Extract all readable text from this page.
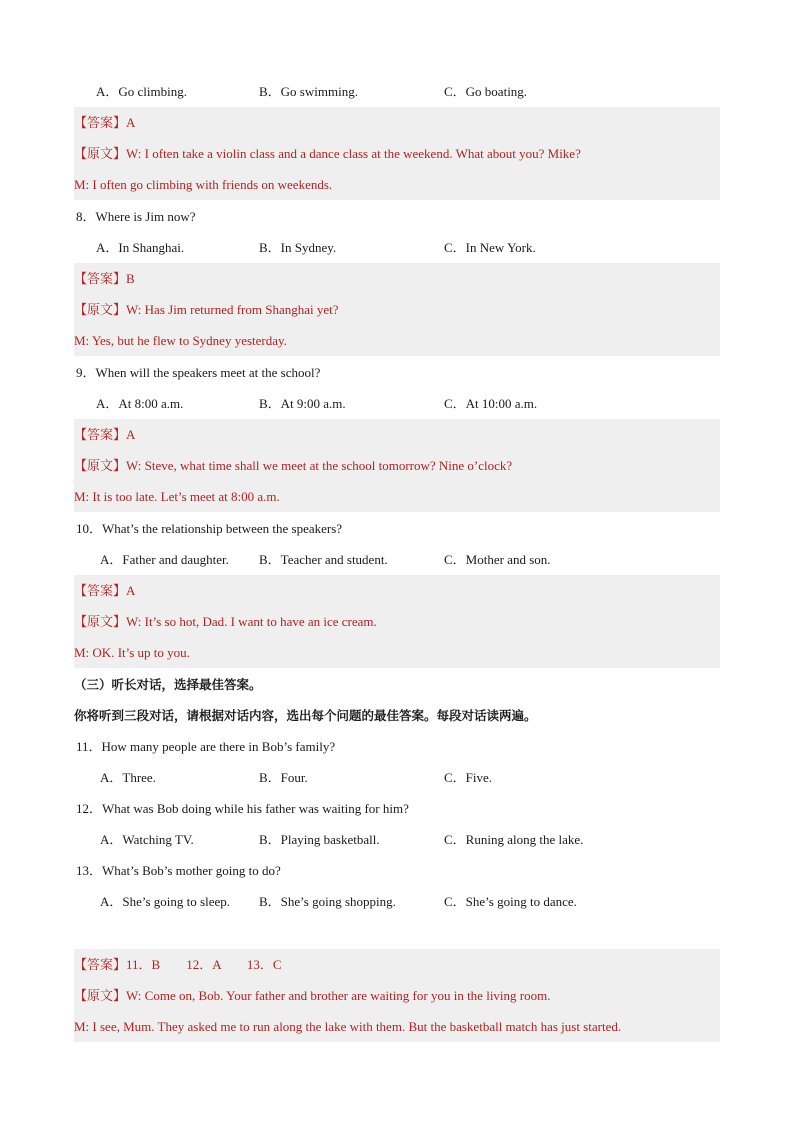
A．Go climbing.	B．Go swimming.	C．Go boating.
【答案】A
【原文】W: I often take a violin class and a dance class at the weekend. What about you? Mike?
M: I often go climbing with friends on weekends.
8．Where is Jim now?
A．In Shanghai.	B．In Sydney.	C．In New York.
【答案】B
【原文】W: Has Jim returned from Shanghai yet?
M: Yes, but he flew to Sydney yesterday.
9．When will the speakers meet at the school?
A．At 8:00 a.m.	B．At 9:00 a.m.	C．At 10:00 a.m.
【答案】A
【原文】W: Steve, what time shall we meet at the school tomorrow? Nine o’clock?
M: It is too late. Let’s meet at 8:00 a.m.
10．What’s the relationship between the speakers?
A．Father and daughter. B．Teacher and student.	C．Mother and son.
【答案】A
【原文】W: It’s so hot, Dad. I want to have an ice cream.
M: OK. It’s up to you.
（三）听长对话，选择最佳答案。
你将听到三段对话，请根据对话内容，选出每个问题的最佳答案。每段对话读两遍。
11．How many people are there in Bob’s family?
A．Three.	B．Four.	C．Five.
12．What was Bob doing while his father was waiting for him?
A．Watching TV.	B．Playing basketball.	C．Runing along the lake.
13．What’s Bob’s mother going to do?
A．She’s going to sleep. B．She’s going shopping.	C．She’s going to dance.
【答案】11．B        12．A        13．C
【原文】W: Come on, Bob. Your father and brother are waiting for you in the living room.
M: I see, Mum. They asked me to run along the lake with them. But the basketball match has just started.
